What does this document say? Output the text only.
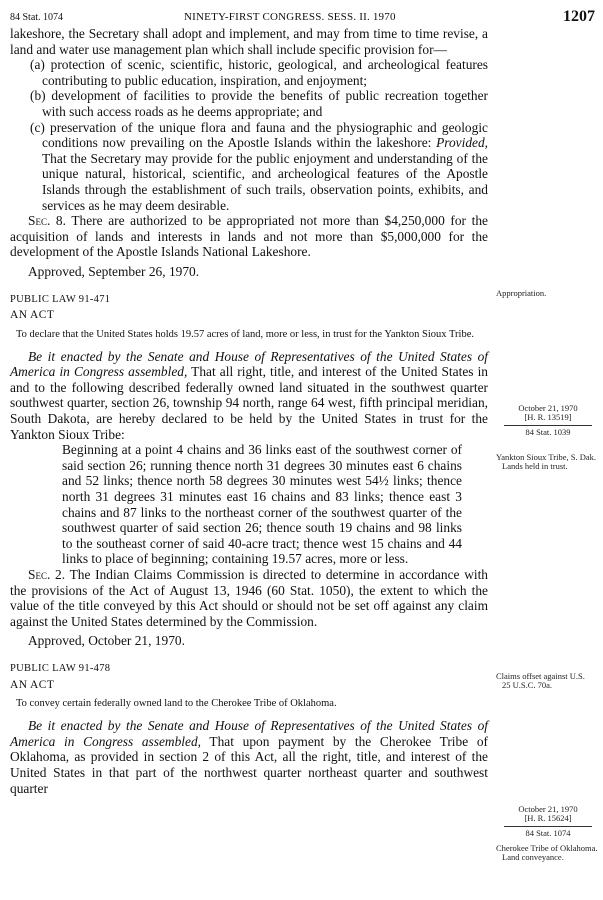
84 Stat. 1074	NINETY-FIRST CONGRESS. SESS. II. 1970	1207

lakeshore, the Secretary shall adopt and implement, and may from time to time revise, a land and water use management plan which shall include specific provision for—

(a) protection of scenic, scientific, historic, geological, and archeological features contributing to public education, inspiration, and enjoyment;

(b) development of facilities to provide the benefits of public recreation together with such access roads as he deems appropriate; and

(c) preservation of the unique flora and fauna and the physiographic and geologic conditions now prevailing on the Apostle Islands within the lakeshore: Provided, That the Secretary may provide for the public enjoyment and understanding of the unique natural, historical, scientific, and archeological features of the Apostle Islands through the establishment of such trails, observation points, exhibits, and services as he may deem desirable.

Sec. 8. There are authorized to be appropriated not more than $4,250,000 for the acquisition of lands and interests in lands and not more than $5,000,000 for the development of the Apostle Islands National Lakeshore.

Approved, September 26, 1970.

PUBLIC LAW 91-471

AN ACT

To declare that the United States holds 19.57 acres of land, more or less, in trust for the Yankton Sioux Tribe.

Be it enacted by the Senate and House of Representatives of the United States of America in Congress assembled, That all right, title, and interest of the United States in and to the following described federally owned land situated in the southwest quarter southwest quarter, section 26, township 94 north, range 64 west, fifth principal meridian, South Dakota, are hereby declared to be held by the United States in trust for the Yankton Sioux Tribe:

Beginning at a point 4 chains and 36 links east of the southwest corner of said section 26; running thence north 31 degrees 30 minutes east 6 chains and 52 links; thence north 58 degrees 30 minutes west 54½ links; thence north 31 degrees 31 minutes east 16 chains and 83 links; thence east 3 chains and 87 links to the northeast corner of the southwest quarter of the southwest quarter of said section 26; thence south 19 chains and 98 links to the southeast corner of said 40-acre tract; thence west 15 chains and 44 links to place of beginning; containing 19.57 acres, more or less.

Sec. 2. The Indian Claims Commission is directed to determine in accordance with the provisions of the Act of August 13, 1946 (60 Stat. 1050), the extent to which the value of the title conveyed by this Act should or should not be set off against any claim against the United States determined by the Commission.

Approved, October 21, 1970.

PUBLIC LAW 91-478

AN ACT

To convey certain federally owned land to the Cherokee Tribe of Oklahoma.

Be it enacted by the Senate and House of Representatives of the United States of America in Congress assembled, That upon payment by the Cherokee Tribe of Oklahoma, as provided in section 2 of this Act, all the right, title, and interest of the United States in that part of the northwest quarter northeast quarter and southwest quarter

Appropriation.
October 21, 1970
[H. R. 13519]
84 Stat. 1039
Yankton Sioux Tribe, S. Dak.
Lands held in trust.
Claims offset against U.S.
25 U.S.C. 70a.
October 21, 1970
[H. R. 15624]
84 Stat. 1074
Cherokee Tribe of Oklahoma.
Land conveyance.
